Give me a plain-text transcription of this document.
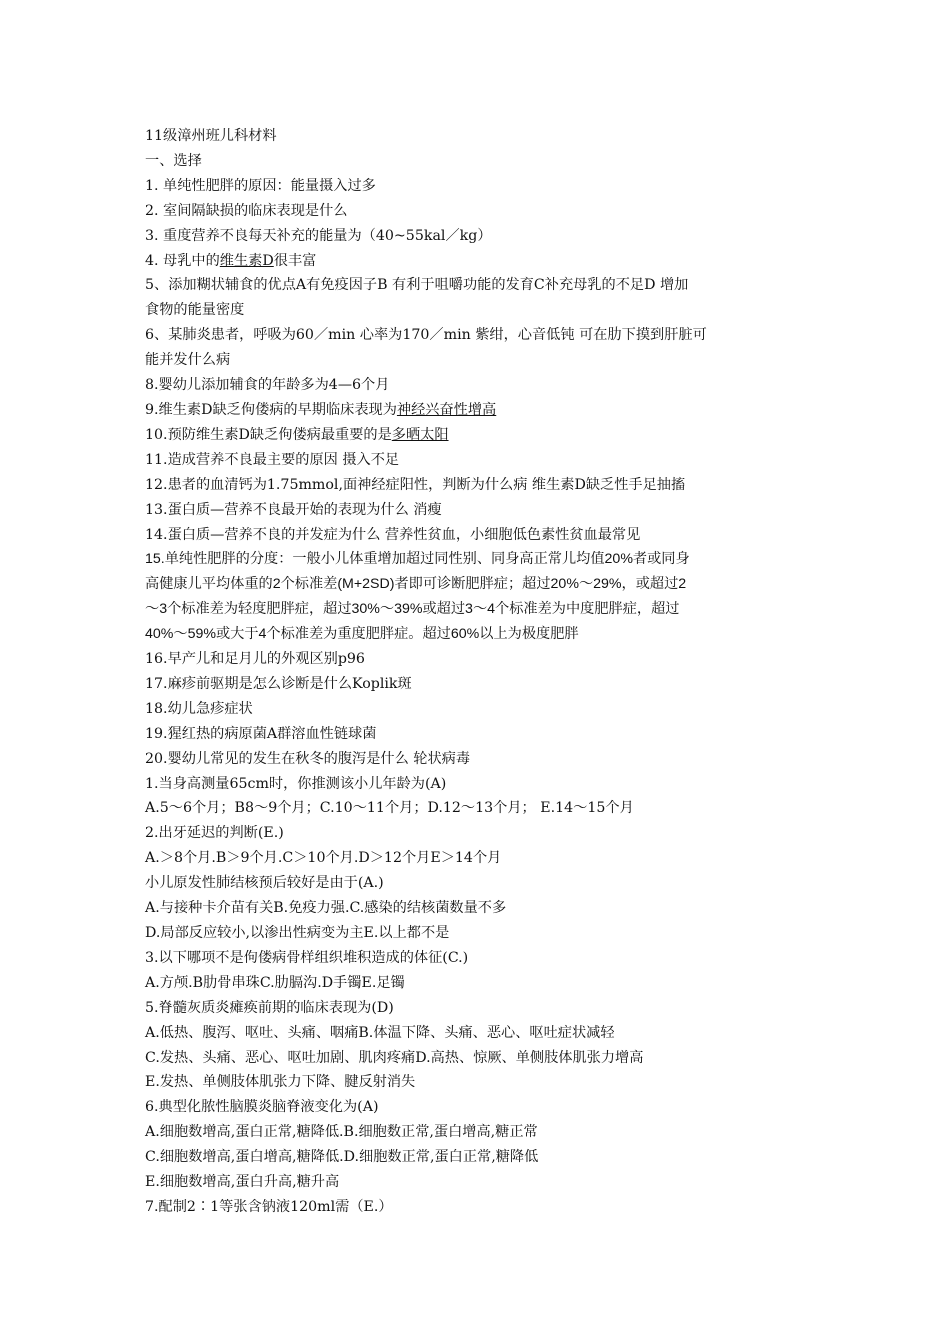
11级漳州班儿科材料
一、选择
1. 单纯性肥胖的原因：能量摄入过多
2. 室间隔缺损的临床表现是什么
3. 重度营养不良每天补充的能量为（40~55kal／kg）
4. 母乳中的维生素D很丰富
5、添加糊状辅食的优点A有免疫因子B 有利于咀嚼功能的发育C补充母乳的不足D 增加
食物的能量密度
6、某肺炎患者，呼吸为60／min 心率为170／min 紫绀，心音低钝 可在肋下摸到肝脏可
能并发什么病
8.婴幼儿添加辅食的年龄多为4—6个月
9.维生素D缺乏佝偻病的早期临床表现为神经兴奋性增高
10.预防维生素D缺乏佝偻病最重要的是多晒太阳
11.造成营养不良最主要的原因 摄入不足
12.患者的血清钙为1.75mmol,面神经症阳性，判断为什么病 维生素D缺乏性手足抽搐
13.蛋白质—营养不良最开始的表现为什么 消瘦
14.蛋白质—营养不良的并发症为什么 营养性贫血，小细胞低色素性贫血最常见
15.单纯性肥胖的分度：一般小儿体重增加超过同性别、同身高正常儿均值20%者或同身
高健康儿平均体重的2个标准差(M+2SD)者即可诊断肥胖症；超过20%～29%，或超过2
～3个标准差为轻度肥胖症，超过30%～39%或超过3～4个标准差为中度肥胖症，超过
40%～59%或大于4个标准差为重度肥胖症。超过60%以上为极度肥胖
16.早产儿和足月儿的外观区别p96
17.麻疹前驱期是怎么诊断是什么Koplik斑
18.幼儿急疹症状
19.猩红热的病原菌A群溶血性链球菌
20.婴幼儿常见的发生在秋冬的腹泻是什么 轮状病毒
1.当身高测量65cm时，你推测该小儿年龄为(A)
A.5～6个月；B8～9个月；C.10～11个月；D.12～13个月； E.14～15个月
2.出牙延迟的判断(E.)
A.＞8个月.B＞9个月.C＞10个月.D＞12个月E＞14个月
小儿原发性肺结核预后较好是由于(A.)
A.与接种卡介苗有关B.免疫力强.C.感染的结核菌数量不多
D.局部反应较小,以渗出性病变为主E.以上都不是
3.以下哪项不是佝偻病骨样组织堆积造成的体征(C.)
A.方颅.B肋骨串珠C.肋膈沟.D手镯E.足镯
5.脊髓灰质炎瘫痪前期的临床表现为(D)
A.低热、腹泻、呕吐、头痛、咽痛B.体温下降、头痛、恶心、呕吐症状减轻
C.发热、头痛、恶心、呕吐加剧、肌肉疼痛D.高热、惊厥、单侧肢体肌张力增高
E.发热、单侧肢体肌张力下降、腱反射消失
6.典型化脓性脑膜炎脑脊液变化为(A)
A.细胞数增高,蛋白正常,糖降低.B.细胞数正常,蛋白增高,糖正常
C.细胞数增高,蛋白增高,糖降低.D.细胞数正常,蛋白正常,糖降低
E.细胞数增高,蛋白升高,糖升高
7.配制2∶1等张含钠液120ml需（E.）
